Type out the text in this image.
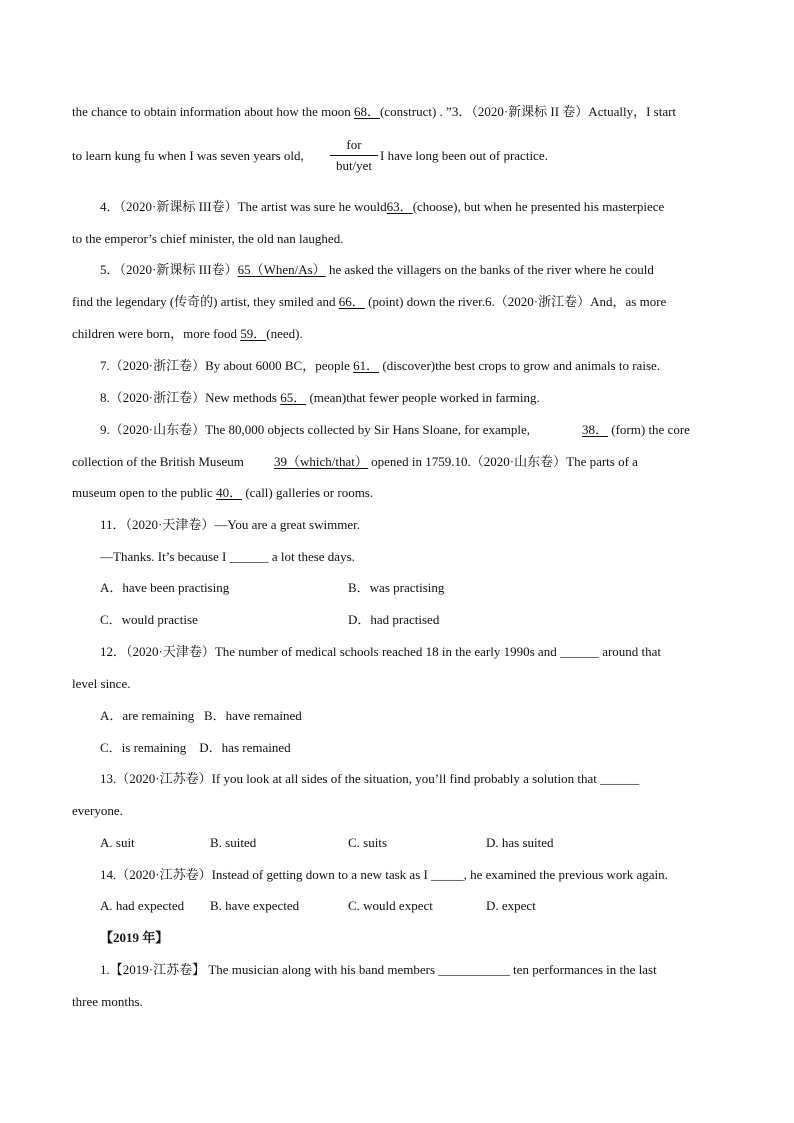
the chance to obtain information about how the moon 68．(construct) . ”3．（2020·新课标 II 卷）Actually，I start
to learn kung fu when I was seven years old,
for
but/yet
I have long been out of practice.
4．（2020·新课标 III卷）The artist was sure he would63．(choose), but when he presented his masterpiece
to the emperor’s chief minister, the old nan laughed.
5．（2020·新课标 III卷）65（When/As） he asked the villagers on the banks of the river where he could
find the legendary (传奇的) artist, they smiled and 66． (point) down the river.6.（2020·浙江卷）And，as more
children were born，more food 59．(need).
7.（2020·浙江卷）By about 6000 BC，people 61． (discover)the best crops to grow and animals to raise.
8.（2020·浙江卷）New methods 65． (mean)that fewer people worked in farming.
9.（2020·山东卷）The 80,000 objects collected by Sir Hans Sloane, for example,	38． (form) the core
collection of the British Museum 39（which/that） opened in 1759.10.（2020·山东卷）The parts of a
museum open to the public 40． (call) galleries or rooms.
11．（2020·天津卷）—You are a great swimmer.
—Thanks. It’s because I ______ a lot these days.
A．have been practising	B．was practising
C．would practise	D．had practised
12．（2020·天津卷）The number of medical schools reached 18 in the early 1990s and ______ around that
level since.
A．are remaining   B．have remained
C．is remaining    D．has remained
13.（2020·江苏卷）If you look at all sides of the situation, you’ll find probably a solution that ______
everyone.
A. suit	B. suited	C. suits	D. has suited
14.（2020·江苏卷）Instead of getting down to a new task as I _____, he examined the previous work again.
A. had expected B. have expected	C. would expect	D. expect
【2019 年】
1.【2019·江苏卷】 The musician along with his band members ___________ ten performances in the last
three months.
